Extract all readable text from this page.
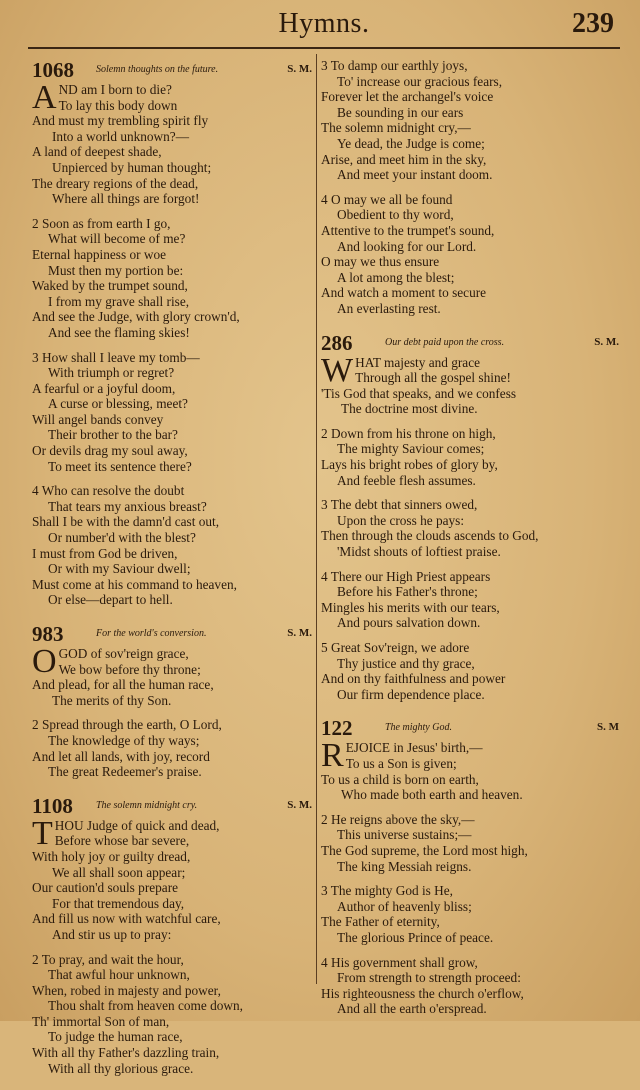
Hymns.	239
1068 Solemn thoughts on the future.	S. M.
A ND am I born to die?
To lay this body down
And must my trembling spirit fly
Into a world unknown?—
A land of deepest shade,
Unpierced by human thought;
The dreary regions of the dead,
Where all things are forgot!
2 Soon as from earth I go,
What will become of me?
Eternal happiness or woe
Must then my portion be:
Waked by the trumpet sound,
I from my grave shall rise,
And see the Judge, with glory crown'd,
And see the flaming skies!
3 How shall I leave my tomb—
With triumph or regret?
A fearful or a joyful doom,
A curse or blessing, meet?
Will angel bands convey
Their brother to the bar?
Or devils drag my soul away,
To meet its sentence there?
4 Who can resolve the doubt
That tears my anxious breast?
Shall I be with the damn'd cast out,
Or number'd with the blest?
I must from God be driven,
Or with my Saviour dwell;
Must come at his command to heaven,
Or else—depart to hell.
983	For the world's conversion.	S. M.
O GOD of sov'reign grace,
We bow before thy throne;
And plead, for all the human race,
The merits of thy Son.
2 Spread through the earth, O Lord,
The knowledge of thy ways;
And let all lands, with joy, record
The great Redeemer's praise.
1108 The solemn midnight cry.	S. M.
T HOU Judge of quick and dead,
Before whose bar severe,
With holy joy or guilty dread,
We all shall soon appear;
Our caution'd souls prepare
For that tremendous day,
And fill us now with watchful care,
And stir us up to pray:
2 To pray, and wait the hour,
That awful hour unknown,
When, robed in majesty and power,
Thou shalt from heaven come down,
Th' immortal Son of man,
To judge the human race,
With all thy Father's dazzling train,
With all thy glorious grace.
3 To damp our earthly joys,
To' increase our gracious fears,
Forever let the archangel's voice
Be sounding in our ears
The solemn midnight cry,—
Ye dead, the Judge is come;
Arise, and meet him in the sky,
And meet your instant doom.
4 O may we all be found
Obedient to thy word,
Attentive to the trumpet's sound,
And looking for our Lord.
O may we thus ensure
A lot among the blest;
And watch a moment to secure
An everlasting rest.
286	Our debt paid upon the cross.	S. M.
W HAT majesty and grace
Through all the gospel shine!
'Tis God that speaks, and we confess
The doctrine most divine.
2 Down from his throne on high,
The mighty Saviour comes;
Lays his bright robes of glory by,
And feeble flesh assumes.
3 The debt that sinners owed,
Upon the cross he pays:
Then through the clouds ascends to God,
'Midst shouts of loftiest praise.
4 There our High Priest appears
Before his Father's throne;
Mingles his merits with our tears,
And pours salvation down.
5 Great Sov'reign, we adore
Thy justice and thy grace,
And on thy faithfulness and power
Our firm dependence place.
122	The mighty God.	S. M
R EJOICE in Jesus' birth,—
To us a Son is given;
To us a child is born on earth,
Who made both earth and heaven.
2 He reigns above the sky,—
This universe sustains;—
The God supreme, the Lord most high,
The king Messiah reigns.
3 The mighty God is He,
Author of heavenly bliss;
The Father of eternity,
The glorious Prince of peace.
4 His government shall grow,
From strength to strength proceed:
His righteousness the church o'erflow,
And all the earth o'erspread.
